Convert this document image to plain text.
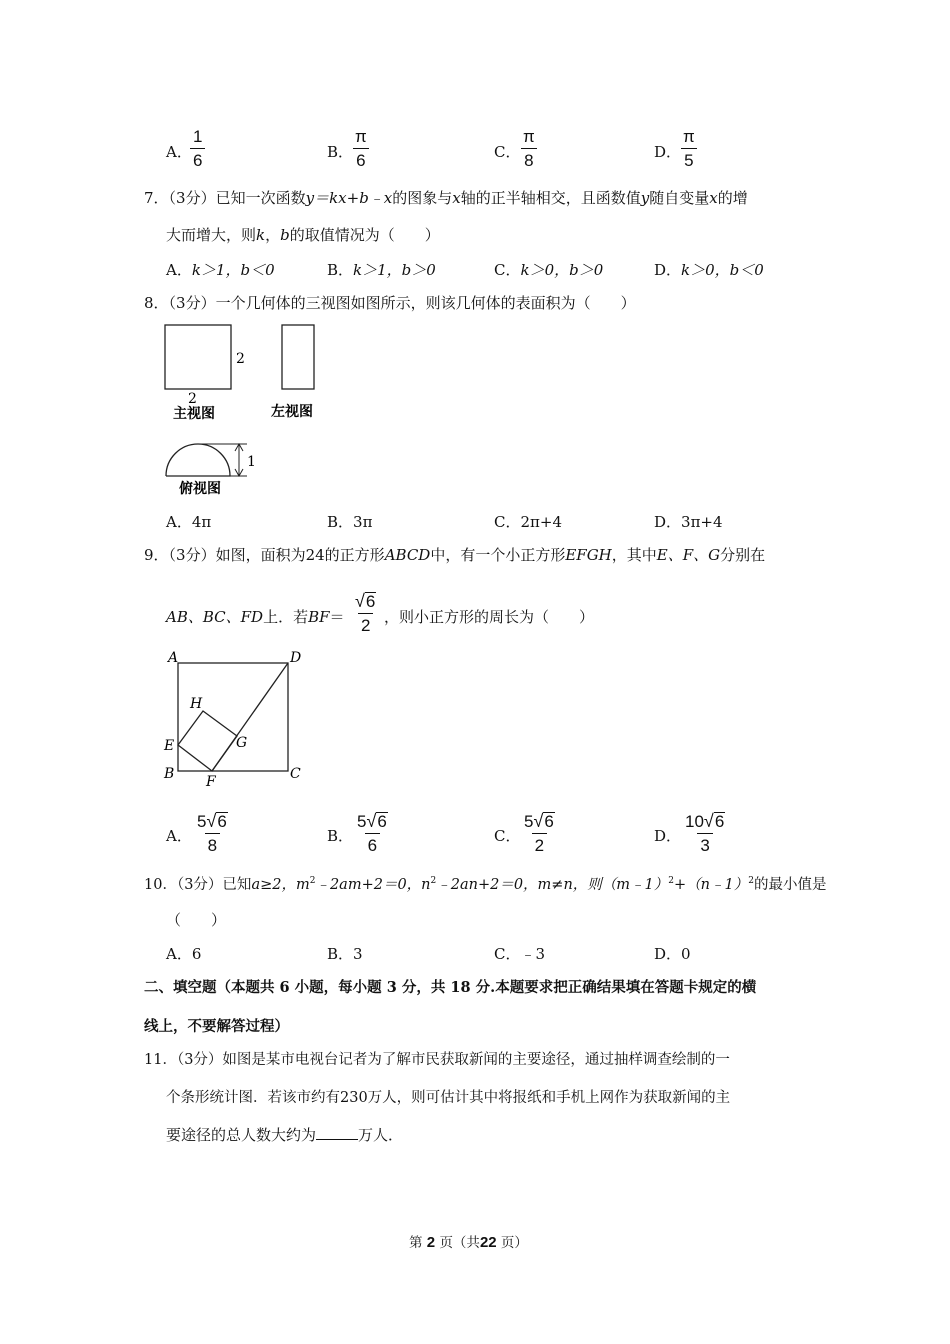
A．
$\frac{1}{6}$	B．
$\frac{\pi}{6}$	C． $\frac{\pi}{8}$	D．
$\frac{\pi}{5}$
7．（3分）已知一次函数y＝kx+b﹣x的图象与x轴的正半轴相交，且函数值y随自变量x的增
大而增大，则k，b的取值情况为（　　）
A．k＞1，b＜0	B．k＞1，b＞0	C．k＞0，b＞0	D．k＞0，b＜0
8．（3分）一个几何体的三视图如图所示，则该几何体的表面积为（　　）
2
2
主视图	左视图
1
俯视图
A．4π	B．3π	C．2π+4	D．3π+4
9．（3分）如图，面积为24的正方形ABCD中，有一个小正方形EFGH，其中E、F、G分别在
AB、BC、FD上．若$BF= \frac{√ 6}{2}$ ，则小正方形的周长为（　　）
A	D
B	C
E
F
G
H
A． $\frac{5 √ 6}{8}$	B． $\frac{5 √ 6}{6}$	C． $\frac{5 √ 6}{2}$	D． $\frac{10 √ 6}{3}$
10．（3分）已知a≥2，$m^2﹣2am+2=0$，$n^2﹣2an+2=0$，m≠n，则（m﹣1）$^2$+（n﹣1）$^2$的最小值是
（　　）
A．6	B．3	C．﹣3	D．0
二、填空题（本题共 6 小题，每小题 3 分，共 18 分.本题要求把正确结果填在答题卡规定的横
线上，不要解答过程）
11．（3分）如图是某市电视台记者为了解市民获取新闻的主要途径，通过抽样调查绘制的一
个条形统计图．若该市约有230万人，则可估计其中将报纸和手机上网作为获取新闻的主
要途径的总人数大约为	万人．
第 2 页（共22 页）
